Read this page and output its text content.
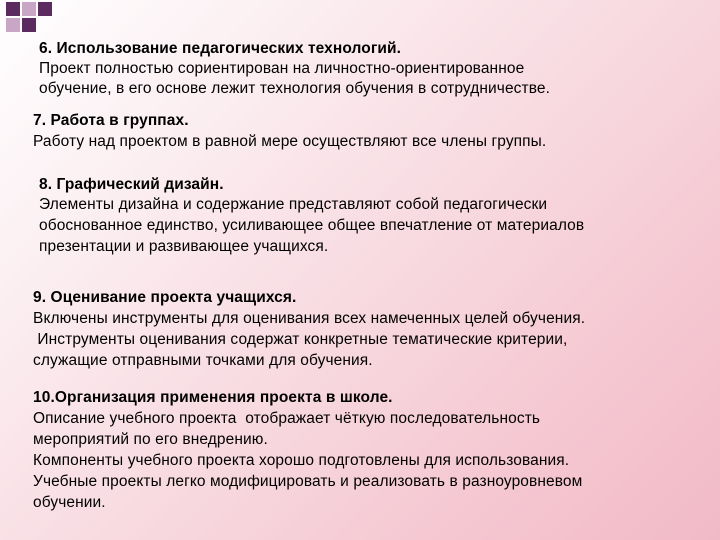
6. Использование педагогических технологий.
Проект полностью сориентирован на личностно-ориентированное
обучение, в его основе лежит технология обучения в сотрудничестве.
7. Работа в группах.
Работу над проектом в равной мере осуществляют все члены группы.
8. Графический дизайн.
Элементы дизайна и содержание представляют собой педагогически
обоснованное единство, усиливающее общее впечатление от материалов
презентации и развивающее учащихся.
9. Оценивание проекта учащихся.
Включены инструменты для оценивания всех намеченных целей обучения.
Инструменты оценивания содержат конкретные тематические критерии,
служащие отправными точками для обучения.
10.Организация применения проекта в школе.
Описание учебного проекта  отображает чёткую последовательность
мероприятий по его внедрению.
Компоненты учебного проекта хорошо подготовлены для использования.
Учебные проекты легко модифицировать и реализовать в разноуровневом
обучении.
